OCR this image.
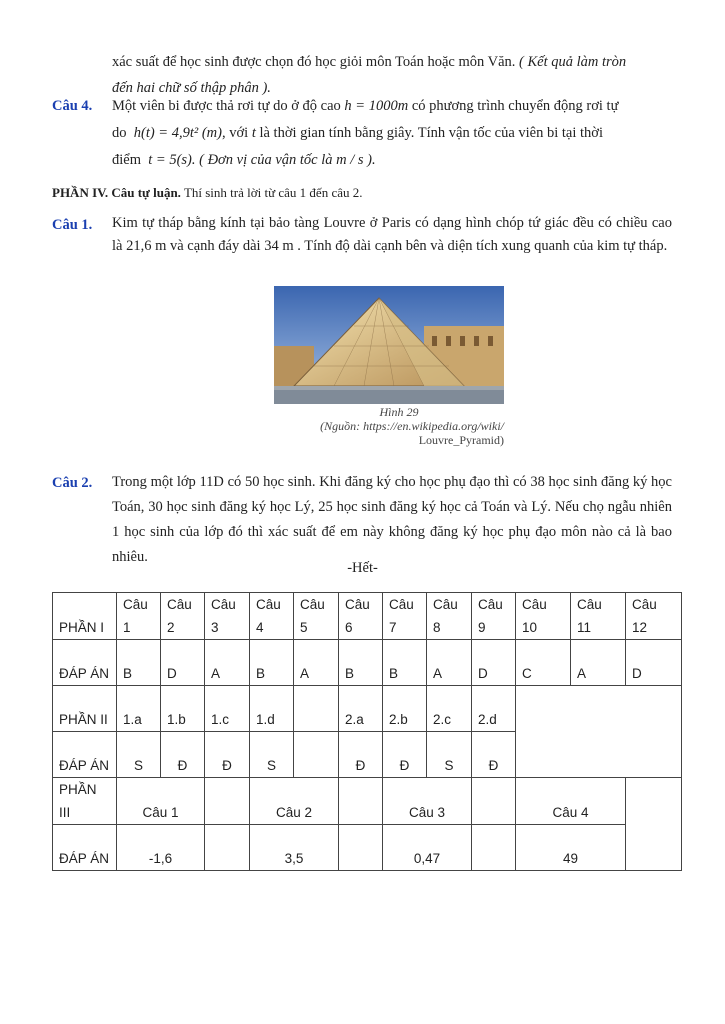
xác suất để học sinh được chọn đó học giỏi môn Toán hoặc môn Văn. ( Kết quả làm tròn
đến hai chữ số thập phân ).
Câu 4. Một viên bi được thả rơi tự do ở độ cao h = 1000m có phương trình chuyển động rơi tự
do h(t) = 4,9t² (m), với t là thời gian tính bằng giây. Tính vận tốc của viên bi tại thời
điểm t = 5(s). ( Đơn vị của vận tốc là m / s ).
PHẦN IV. Câu tự luận. Thí sinh trả lời từ câu 1 đến câu 2.
Câu 1. Kim tự tháp bằng kính tại bảo tàng Louvre ở Paris có dạng hình chóp tứ giác đều có chiều cao là 21,6 m và cạnh đáy dài 34 m . Tính độ dài cạnh bên và diện tích xung quanh của kim tự tháp.
Hình 29
(Nguồn: https://en.wikipedia.org/wiki/
Louvre_Pyramid)
Câu 2. Trong một lớp 11D có 50 học sinh. Khi đăng ký cho học phụ đạo thì có 38 học sinh đăng ký học Toán, 30 học sinh đăng ký học Lý, 25 học sinh đăng ký học cả Toán và Lý. Nếu chọ ngẫu nhiên 1 học sinh của lớp đó thì xác suất để em này không đăng ký học phụ đạo môn nào cả là bao nhiêu.
-Hết-
PHẦN I	Câu 1	Câu 2	Câu 3	Câu 4	Câu 5	Câu 6	Câu 7	Câu 8	Câu 9	Câu 10	Câu 11	Câu 12
ĐÁP ÁN	B	D	A	B	A	B	B	A	D	C	A	D
PHẦN II	1.a	1.b	1.c	1.d		2.a	2.b	2.c	2.d			
ĐÁP ÁN	S	Đ	Đ	S		Đ	Đ	S	Đ			
PHẦN III	Câu 1			Câu 2			Câu 3			Câu 4		
ĐÁP ÁN	-1,6			3,5			0,47			49		
